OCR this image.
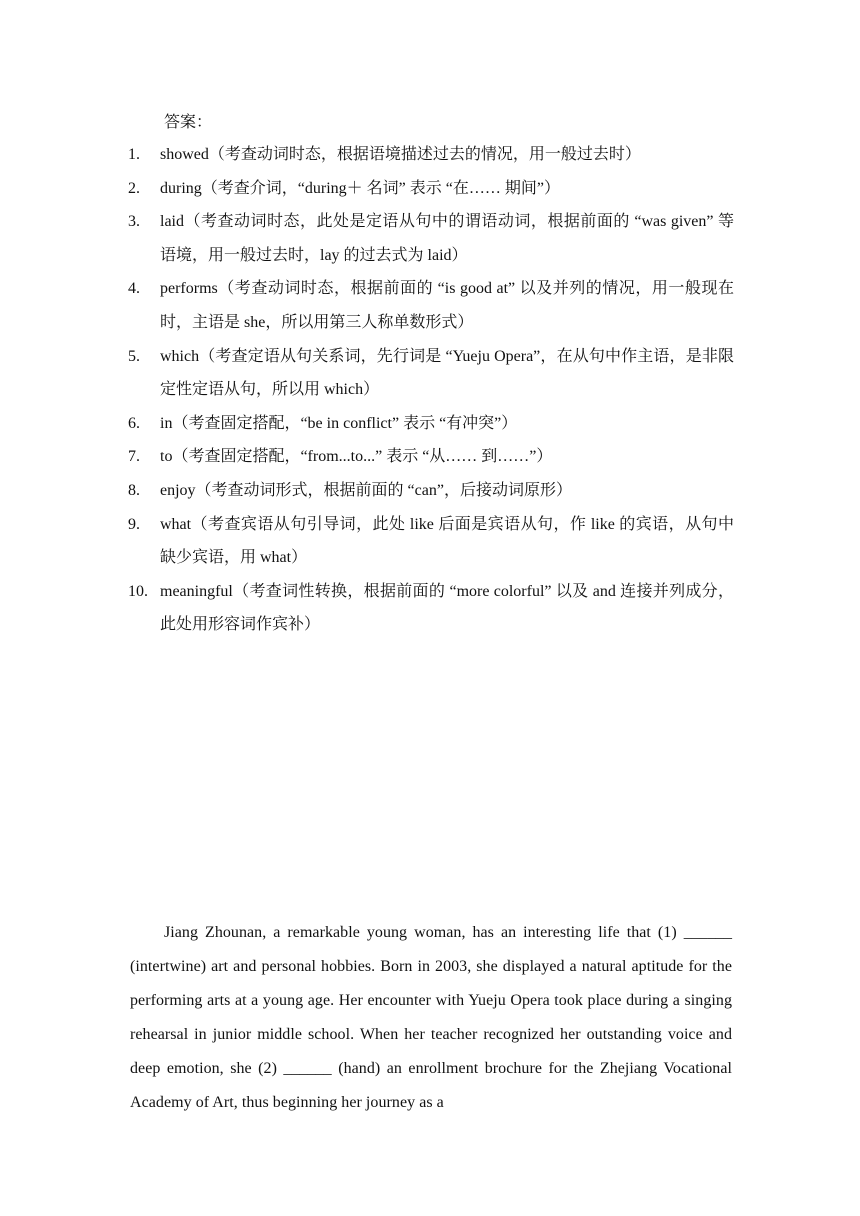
答案：
1.	showed（考查动词时态，根据语境描述过去的情况，用一般过去时）
2.	during（考查介词，“during＋ 名词” 表示 “在…… 期间”）
3.	laid（考查动词时态，此处是定语从句中的谓语动词，根据前面的 “was given” 等语境，用一般过去时，lay 的过去式为 laid）
4.	performs（考查动词时态，根据前面的 “is good at” 以及并列的情况，用一般现在时，主语是 she，所以用第三人称单数形式）
5.	which（考查定语从句关系词，先行词是 “Yueju Opera”，在从句中作主语，是非限定性定语从句，所以用 which）
6.	in（考查固定搭配，“be in conflict” 表示 “有冲突”）
7.	to（考查固定搭配，“from...to...” 表示 “从…… 到……”）
8.	enjoy（考查动词形式，根据前面的 “can”，后接动词原形）
9.	what（考查宾语从句引导词，此处 like 后面是宾语从句，作 like 的宾语，从句中缺少宾语，用 what）
10. meaningful（考查词性转换，根据前面的 “more colorful” 以及 and 连接并列成分，此处用形容词作宾补）

Jiang Zhounan, a remarkable young woman, has an interesting life that (1) ______ (intertwine) art and personal hobbies. Born in 2003, she displayed a natural aptitude for the performing arts at a young age. Her encounter with Yueju Opera took place during a singing rehearsal in junior middle school. When her teacher recognized her outstanding voice and deep emotion, she (2) ______ (hand) an enrollment brochure for the Zhejiang Vocational Academy of Art, thus beginning her journey as a
